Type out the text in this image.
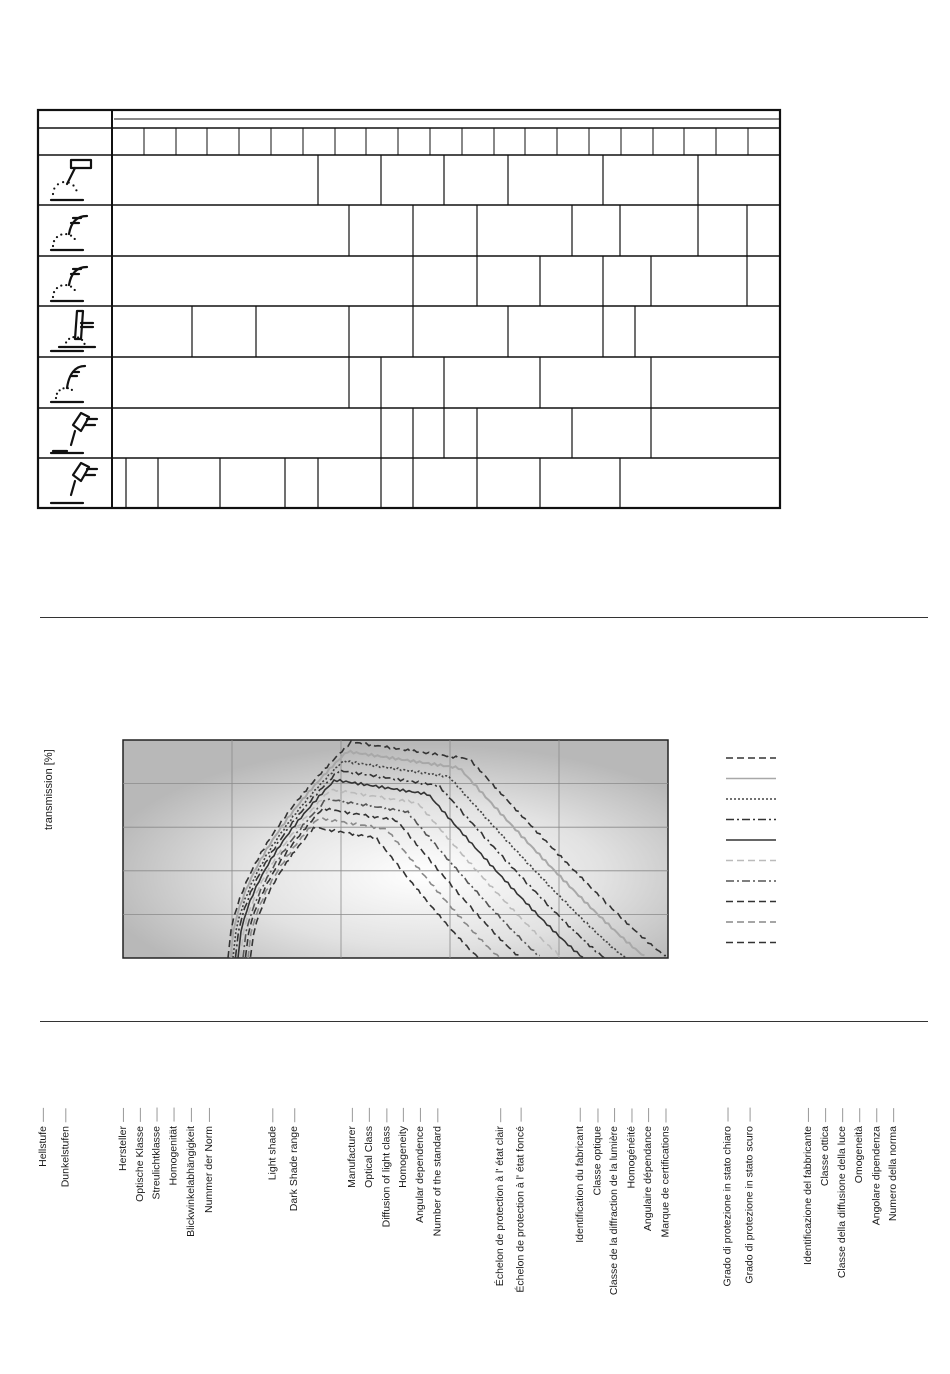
transmission [%]
Hellstufe Dunkelstufen	Hersteller Optische Klasse Streulichtklasse Homogenität Blickwinkelabhängigkeit Nummer der Norm	Light shade Dark Shade range	Manufacturer Optical Class Diffusion of light class Homogeneity Angular dependence Number of the standard	Échelon de protection à l' état clair Échelon de protection à l' état foncé	Identification du fabricant Classe optique Classe de la diffraction de la lumière Homogénéité Angulaire dépendance Marque de certifications	Grado di protezione in stato chiaro Grado di protezione in stato scuro	Identificazione del fabbricante Classe ottica Classe della diffusione della luce Omogeneità Angolare dipendenza Numero della norma
